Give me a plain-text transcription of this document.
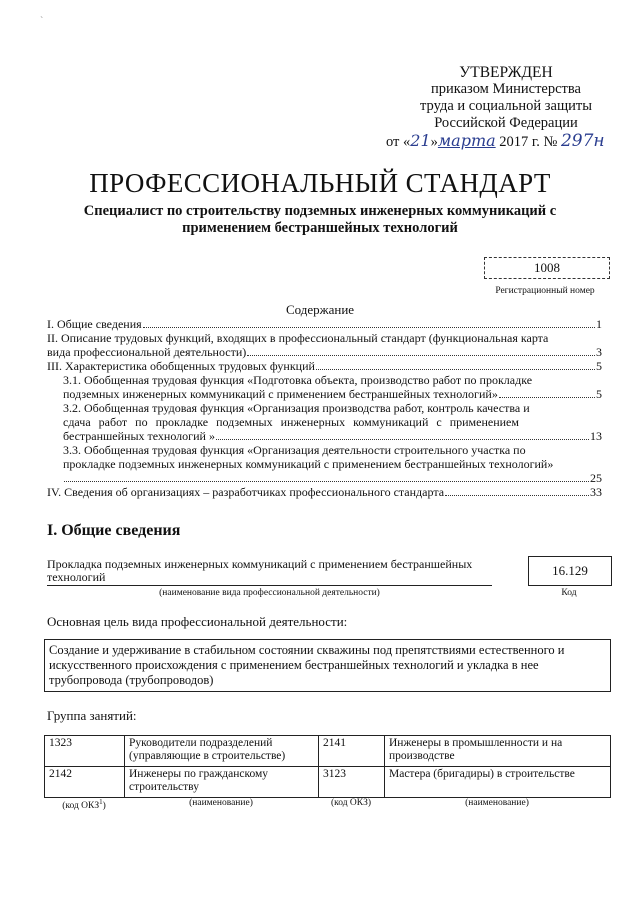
`
УТВЕРЖДЕН
приказом Министерства
труда и социальной защиты
Российской Федерации
от «21»марта 2017 г. № 297н
ПРОФЕССИОНАЛЬНЫЙ СТАНДАРТ
Специалист по строительству подземных инженерных коммуникаций с применением бестраншейных технологий
1008
Регистрационный номер
Содержание
I. Общие сведения	1
II. Описание трудовых функций, входящих в профессиональный стандарт (функциональная карта
вида профессиональной деятельности)	3
III. Характеристика обобщенных трудовых функций	5
3.1. Обобщенная трудовая функция «Подготовка объекта, производство работ по прокладке
подземных инженерных коммуникаций с применением бестраншейных технологий»	5
3.2. Обобщенная трудовая функция «Организация производства работ, контроль качества и
сдача работ по прокладке подземных инженерных коммуникаций с применением
бестраншейных технологий »	13
3.3. Обобщенная трудовая функция «Организация деятельности строительного участка по
прокладке подземных инженерных коммуникаций с применением бестраншейных технологий»
25
IV. Сведения об организациях – разработчиках профессионального стандарта	33
I. Общие сведения
Прокладка подземных инженерных коммуникаций с применением бестраншейных технологий
(наименование вида профессиональной деятельности)
16.129
Код
Основная цель вида профессиональной деятельности:
Создание и удерживание в стабильном состоянии скважины под препятствиями естественного и искусственного происхождения с применением бестраншейных технологий и укладка в нее трубопровода (трубопроводов)
Группа занятий:
1323	Руководители подразделений (управляющие в строительстве)	2141	Инженеры в промышленности и на производстве
2142	Инженеры по гражданскому строительству	3123	Мастера (бригадиры) в строительстве
(код ОКЗ$^1$)	(наименование)	(код ОКЗ)	(наименование)
